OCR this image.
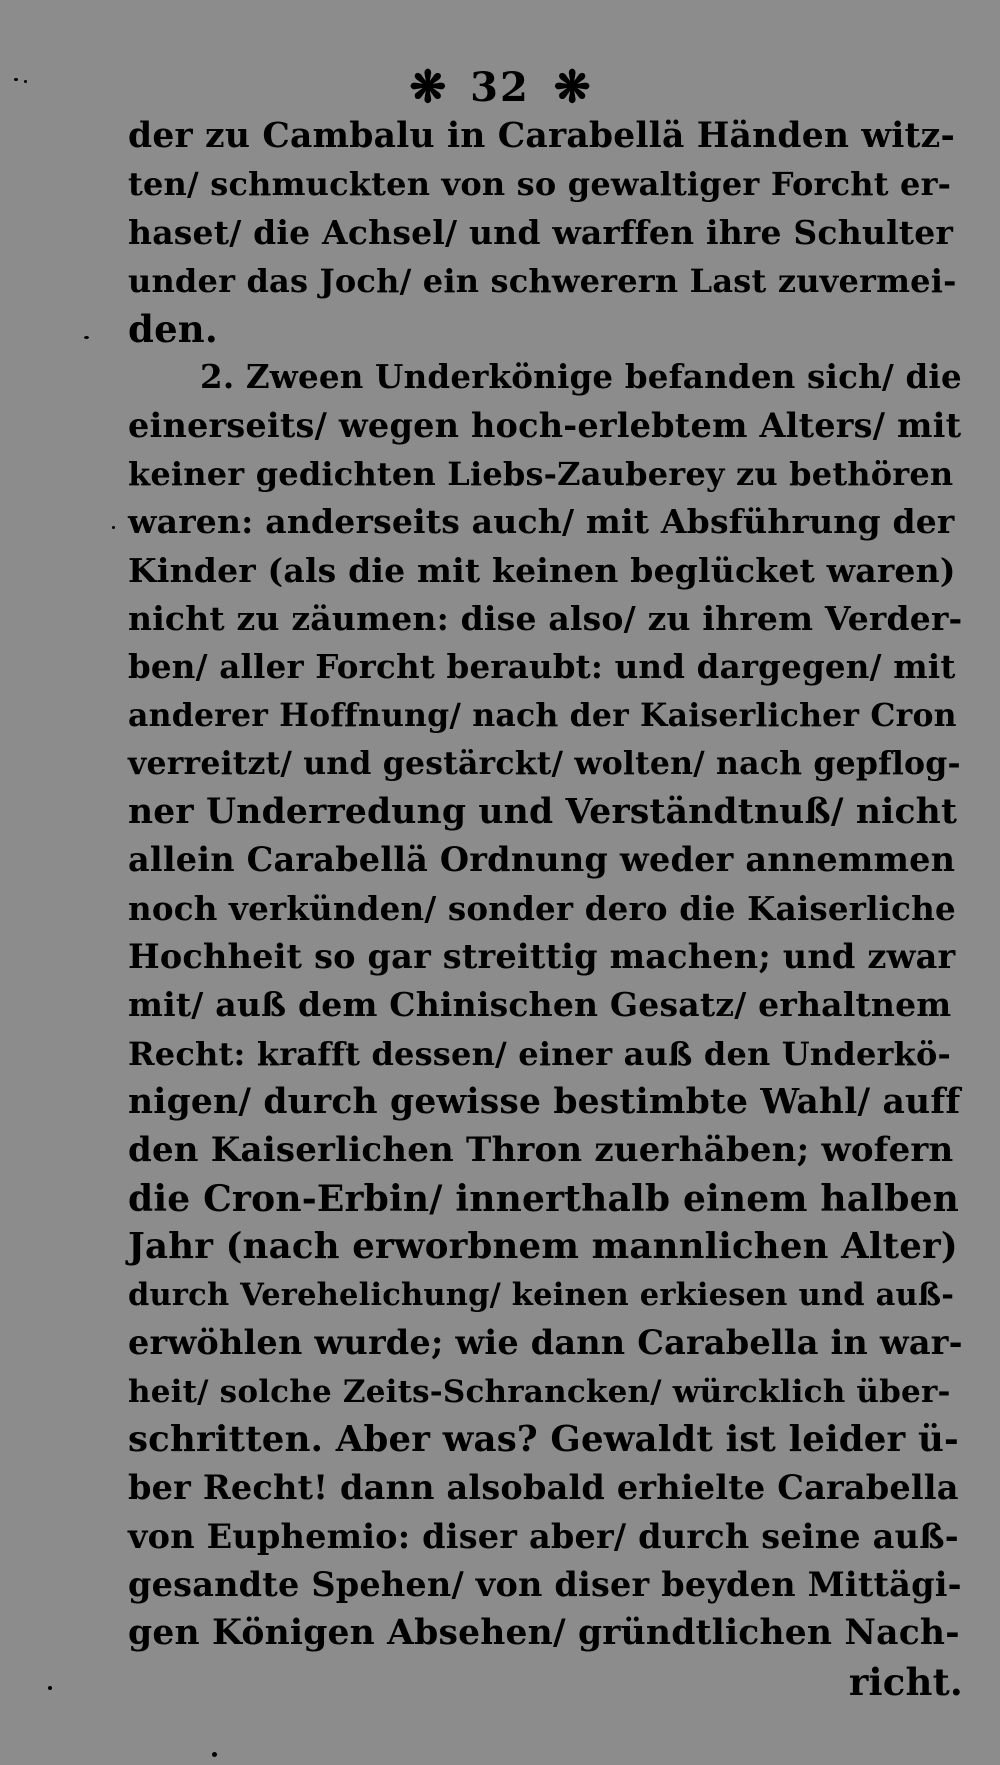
❋ 32 ❋
der zu Cambalu in Carabellä Händen witz-
ten/ schmuckten von so gewaltiger Forcht er-
haset/ die Achsel/ und warffen ihre Schulter
under das Joch/ ein schwerern Last zuvermei-
den.
2. Zween Underkönige befanden sich/ die
einerseits/ wegen hoch-erlebtem Alters/ mit
keiner gedichten Liebs-Zauberey zu bethören
waren: anderseits auch/ mit Absführung der
Kinder (als die mit keinen beglücket waren)
nicht zu zäumen: dise also/ zu ihrem Verder-
ben/ aller Forcht beraubt: und dargegen/ mit
anderer Hoffnung/ nach der Kaiserlicher Cron
verreitzt/ und gestärckt/ wolten/ nach gepflog-
ner Underredung und Verständtnuß/ nicht
allein Carabellä Ordnung weder annemmen
noch verkünden/ sonder dero die Kaiserliche
Hochheit so gar streittig machen; und zwar
mit/ auß dem Chinischen Gesatz/ erhaltnem
Recht: krafft dessen/ einer auß den Underkö-
nigen/ durch gewisse bestimbte Wahl/ auff
den Kaiserlichen Thron zuerhäben; wofern
die Cron-Erbin/ innerthalb einem halben
Jahr (nach erworbnem mannlichen Alter)
durch Verehelichung/ keinen erkiesen und auß-
erwöhlen wurde; wie dann Carabella in war-
heit/ solche Zeits-Schrancken/ würcklich über-
schritten. Aber was? Gewaldt ist leider ü-
ber Recht! dann alsobald erhielte Carabella
von Euphemio: diser aber/ durch seine auß-
gesandte Spehen/ von diser beyden Mittägi-
gen Königen Absehen/ gründtlichen Nach-
richt.
